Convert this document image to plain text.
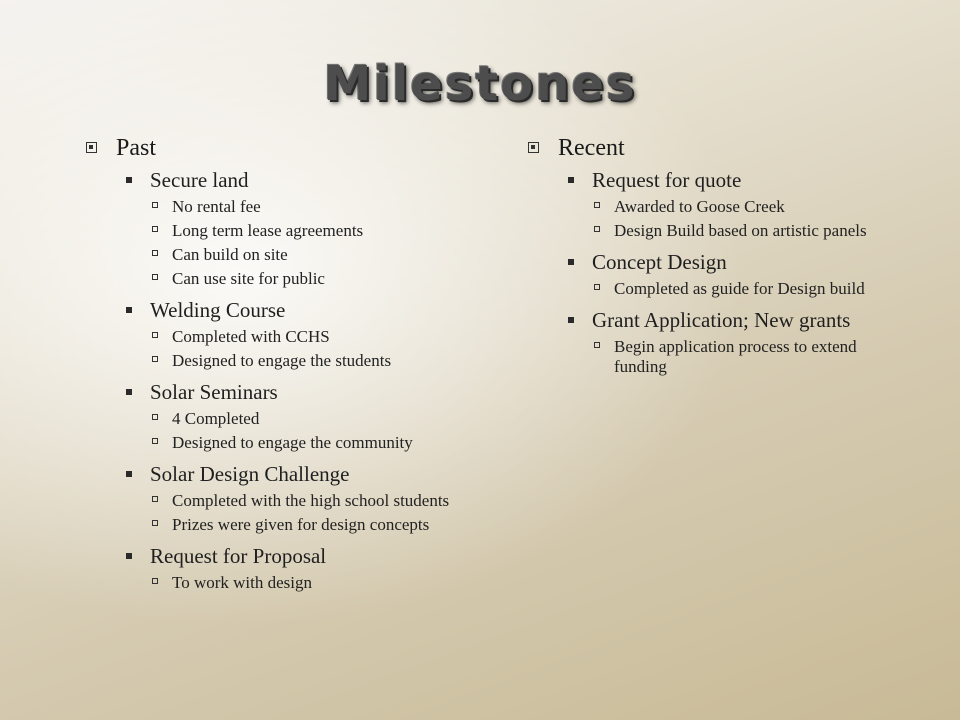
Milestones
Past
Secure land
No rental fee
Long term lease agreements
Can build on site
Can use site for public
Welding Course
Completed with CCHS
Designed to engage the students
Solar Seminars
4 Completed
Designed to engage the community
Solar Design Challenge
Completed with the high school students
Prizes were given for design concepts
Request for Proposal
To work with design
Recent
Request for quote
Awarded to Goose Creek
Design Build based on artistic panels
Concept Design
Completed as guide for Design build
Grant Application; New grants
Begin application process to extend funding
